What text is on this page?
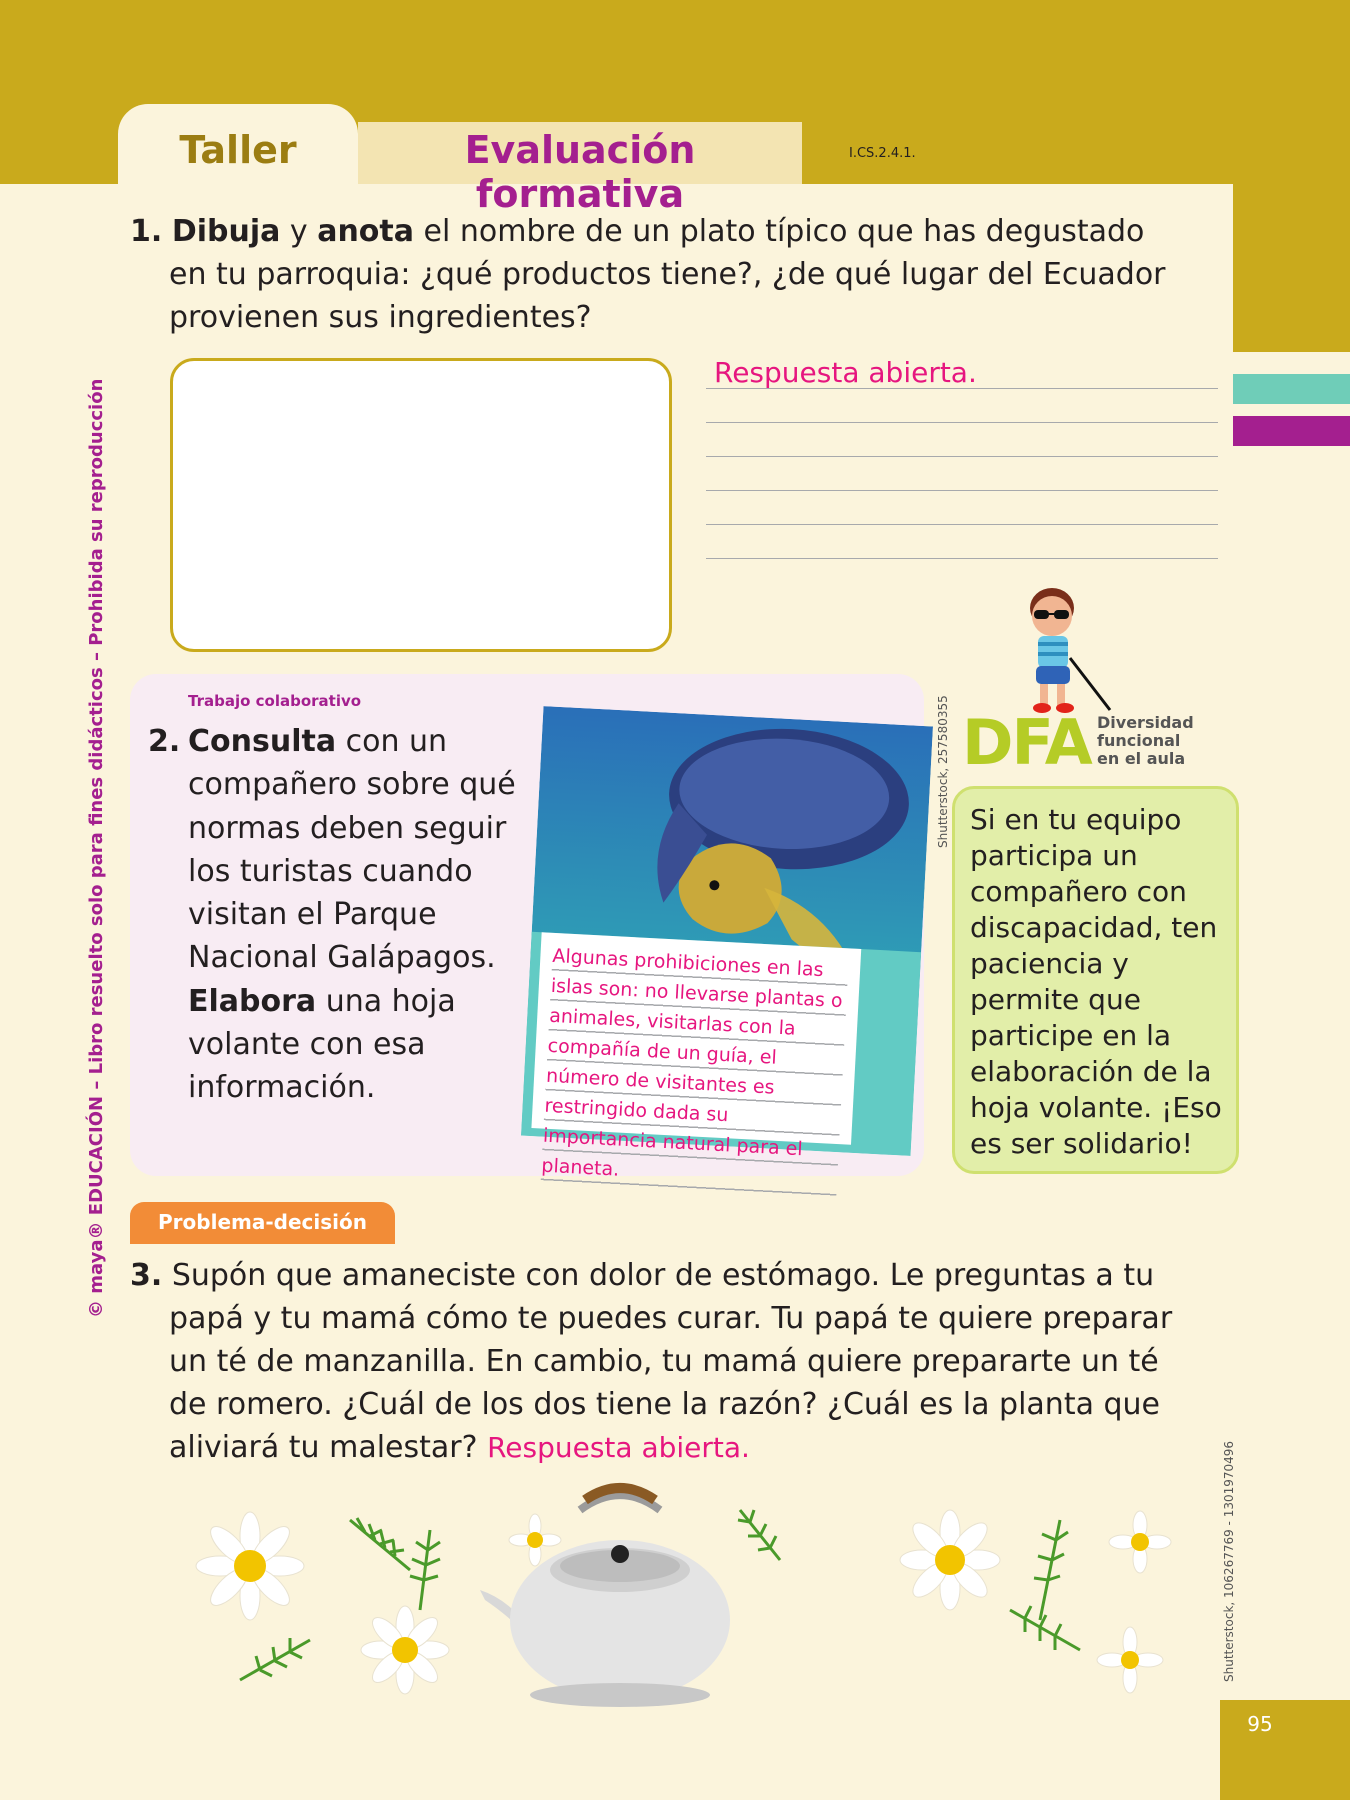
Taller	Evaluación formativa
I.CS.2.4.1.
1. Dibuja y anota el nombre de un plato típico que has degustado
en tu parroquia: ¿qué productos tiene?, ¿de qué lugar del Ecuador
provienen sus ingredientes?
Respuesta abierta.
Trabajo colaborativo
2. Consulta con un compañero sobre qué normas deben seguir los turistas cuando visitan el Parque Nacional Galápagos. Elabora una hoja volante con esa información.
Algunas prohibiciones en las islas son: no llevarse plantas o animales, visitarlas con la compañía de un guía, el número de visitantes es restringido dada su importancia natural para el planeta.
Shutterstock, 257580355 DFA Diversidad
funcional
en el aula
Si en tu equipo participa un compañero con discapacidad, ten paciencia y permite que participe en la elaboración de la hoja volante. ¡Eso es ser solidario!
Problema-decisión
3. Supón que amaneciste con dolor de estómago. Le preguntas a tu
papá y tu mamá cómo te puedes curar. Tu papá te quiere preparar
un té de manzanilla. En cambio, tu mamá quiere prepararte un té
de romero. ¿Cuál de los dos tiene la razón? ¿Cuál es la planta que
aliviará tu malestar? Respuesta abierta.
© maya® EDUCACIÓN – Libro resuelto solo para fines didácticos – Prohibida su reproducción
Shutterstock, 106267769 - 1301970496
95
